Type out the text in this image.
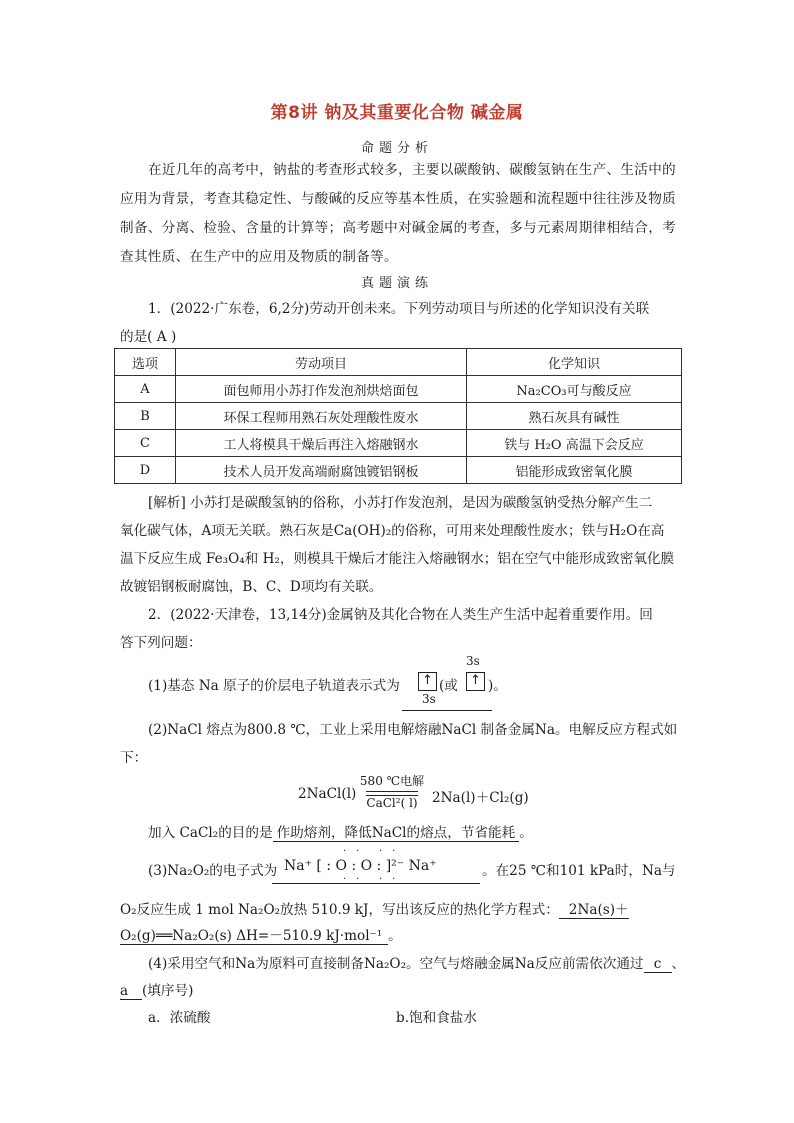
第8讲 钠及其重要化合物 碱金属
命题分析
在近几年的高考中，钠盐的考查形式较多，主要以碳酸钠、碳酸氢钠在生产、生活中的应用为背景，考查其稳定性、与酸碱的反应等基本性质，在实验题和流程题中往往涉及物质制备、分离、检验、含量的计算等；高考题中对碱金属的考查，多与元素周期律相结合，考查其性质、在生产中的应用及物质的制备等。
真题演练
1．(2022·广东卷，6,2分)劳动开创未来。下列劳动项目与所述的化学知识没有关联
的是( A )
选项	劳动项目	化学知识
A	面包师用小苏打作发泡剂烘焙面包	Na₂CO₃可与酸反应
B	环保工程师用熟石灰处理酸性废水	熟石灰具有碱性
C	工人将模具干燥后再注入熔融钢水	铁与 H₂O 高温下会反应
D	技术人员开发高端耐腐蚀镀铝钢板	铝能形成致密氧化膜
[解析] 小苏打是碳酸氢钠的俗称，小苏打作发泡剂，是因为碳酸氢钠受热分解产生二
氧化碳气体，A项无关联。熟石灰是Ca(OH)₂的俗称，可用来处理酸性废水；铁与H₂O在高
温下反应生成 Fe₃O₄和 H₂，则模具干燥后才能注入熔融钢水；铝在空气中能形成致密氧化膜
故镀铝钢板耐腐蚀，B、C、D项均有关联。
2．(2022·天津卷，13,14分)金属钠及其化合物在人类生产生活中起着重要作用。回
答下列问题：
(1)基态 Na 原子的价层电子轨道表示式为	↑
3s
(或
3s
↑ )。
(2)NaCl 熔点为800.8 ℃，工业上采用电解熔融NaCl 制备金属Na。电解反应方程式如
下：
2NaCl(l)
580 ℃电解
CaCl²( l)	2Na(l)＋Cl₂(g)
加入 CaCl₂的目的是 作助熔剂，降低NaCl的熔点，节省能耗 。
(3)Na₂O₂的电子式为
·· ··
Na⁺ [ : O : O : ]²⁻ Na⁺
·· ··
。在25 ℃和101 kPa时，Na与
O₂反应生成 1 mol Na₂O₂放热 510.9 kJ，写出该反应的热化学方程式： 2Na(s)＋
O₂(g)══Na₂O₂(s) ΔH=－510.9 kJ·mol⁻¹ 。
(4)采用空气和Na为原料可直接制备Na₂O₂。空气与熔融金属Na反应前需依次通过 c 、
a (填序号)
a．浓硫酸	b.饱和食盐水
